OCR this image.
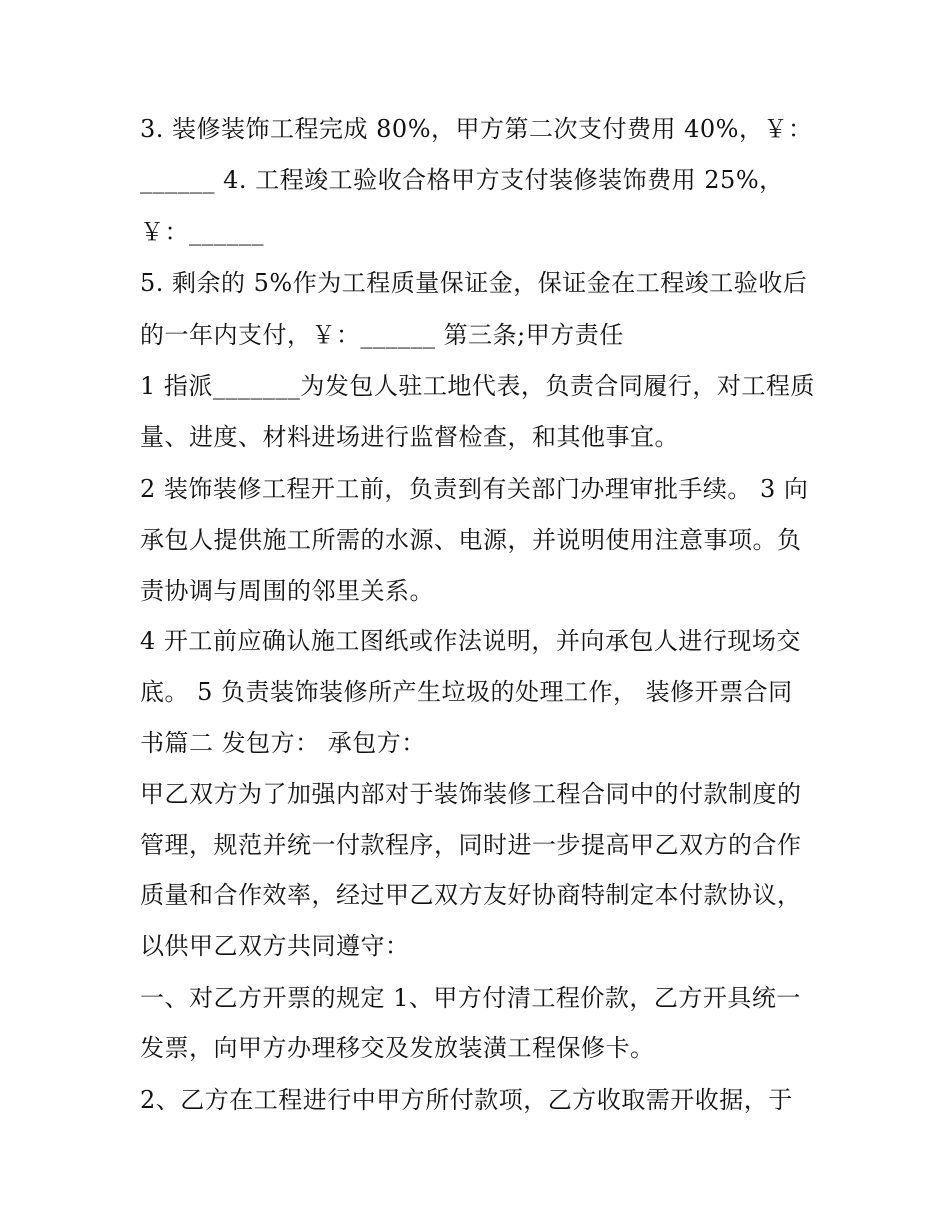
3. 装修装饰工程完成 80%，甲方第二次支付费用 40%，￥：
______ 4. 工程竣工验收合格甲方支付装修装饰费用 25%，
￥：______
5. 剩余的 5%作为工程质量保证金，保证金在工程竣工验收后
的一年内支付，￥：______ 第三条;甲方责任
1 指派_______为发包人驻工地代表，负责合同履行，对工程质
量、进度、材料进场进行监督检查，和其他事宜。
2 装饰装修工程开工前，负责到有关部门办理审批手续。 3 向
承包人提供施工所需的水源、电源，并说明使用注意事项。负
责协调与周围的邻里关系。
4 开工前应确认施工图纸或作法说明，并向承包人进行现场交
底。 5 负责装饰装修所产生垃圾的处理工作， 装修开票合同
书篇二 发包方： 承包方：
甲乙双方为了加强内部对于装饰装修工程合同中的付款制度的
管理，规范并统一付款程序，同时进一步提高甲乙双方的合作
质量和合作效率，经过甲乙双方友好协商特制定本付款协议，
以供甲乙双方共同遵守：
一、对乙方开票的规定 1、甲方付清工程价款，乙方开具统一
发票，向甲方办理移交及发放装潢工程保修卡。
2、乙方在工程进行中甲方所付款项，乙方收取需开收据，于
